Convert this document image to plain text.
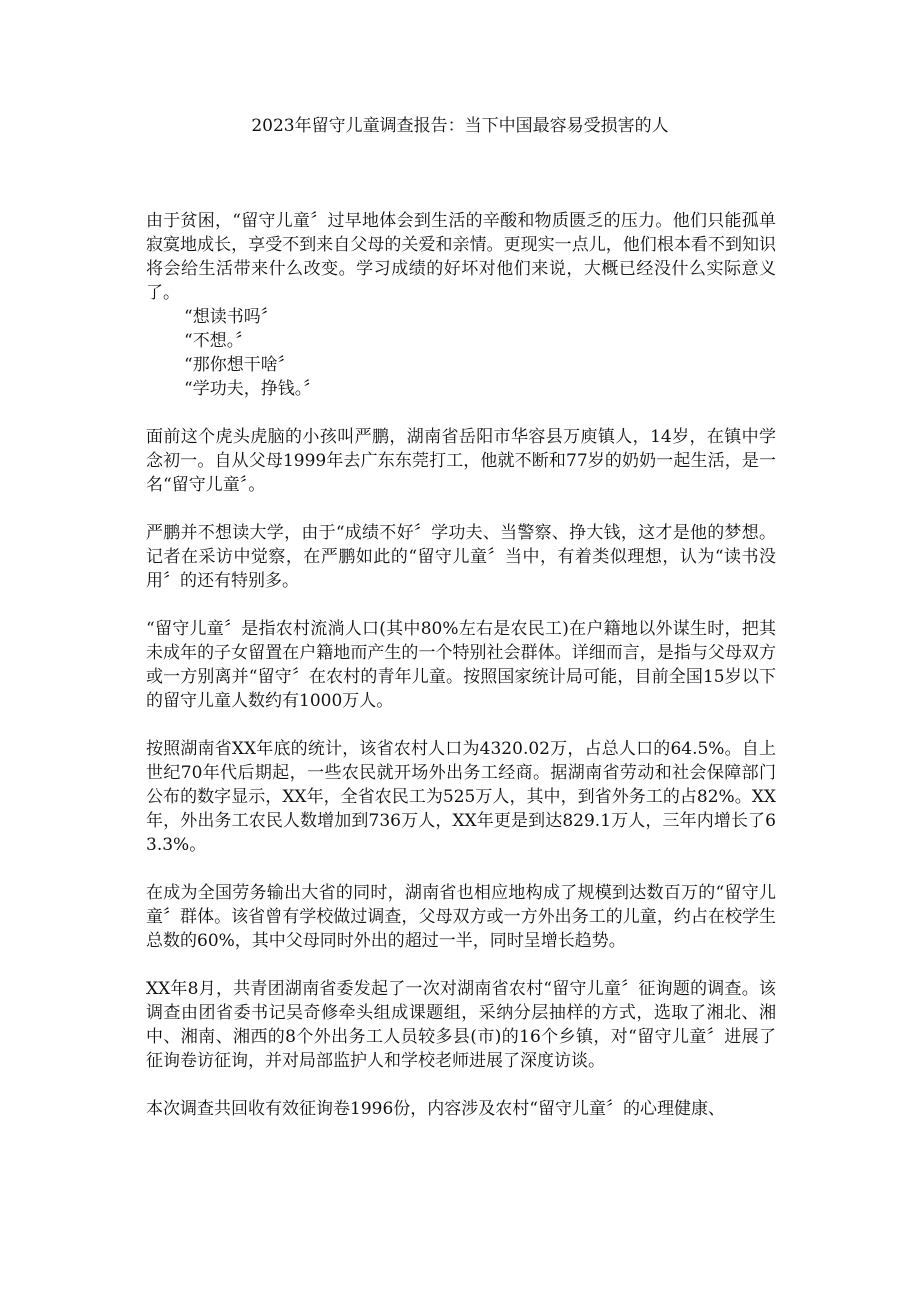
2023年留守儿童调查报告：当下中国最容易受损害的人

由于贫困，“留守儿童〞过早地体会到生活的辛酸和物质匮乏的压力。他们只能孤单寂寞地成长，享受不到来自父母的关爱和亲情。更现实一点儿，他们根本看不到知识将会给生活带来什么改变。学习成绩的好坏对他们来说，大概已经没什么实际意义了。

“想读书吗〞

“不想。〞

“那你想干啥〞

“学功夫，挣钱。〞

面前这个虎头虎脑的小孩叫严鹏，湖南省岳阳市华容县万庾镇人，14岁，在镇中学念初一。自从父母1999年去广东东莞打工，他就不断和77岁的奶奶一起生活，是一名“留守儿童〞。

严鹏并不想读大学，由于“成绩不好〞学功夫、当警察、挣大钱，这才是他的梦想。记者在采访中觉察，在严鹏如此的“留守儿童〞当中，有着类似理想，认为“读书没用〞的还有特别多。

“留守儿童〞是指农村流淌人口(其中80%左右是农民工)在户籍地以外谋生时，把其未成年的子女留置在户籍地而产生的一个特别社会群体。详细而言，是指与父母双方或一方别离并“留守〞在农村的青年儿童。按照国家统计局可能，目前全国15岁以下的留守儿童人数约有1000万人。

按照湖南省XX年底的统计，该省农村人口为4320.02万，占总人口的64.5%。自上世纪70年代后期起，一些农民就开场外出务工经商。据湖南省劳动和社会保障部门公布的数字显示，XX年，全省农民工为525万人，其中，到省外务工的占82%。XX年，外出务工农民人数增加到736万人，XX年更是到达829.1万人，三年内增长了63.3%。

在成为全国劳务输出大省的同时，湖南省也相应地构成了规模到达数百万的“留守儿童〞群体。该省曾有学校做过调查，父母双方或一方外出务工的儿童，约占在校学生总数的60%，其中父母同时外出的超过一半，同时呈增长趋势。

XX年8月，共青团湖南省委发起了一次对湖南省农村“留守儿童〞征询题的调查。该调查由团省委书记吴奇修牵头组成课题组，采纳分层抽样的方式，选取了湘北、湘中、湘南、湘西的8个外出务工人员较多县(市)的16个乡镇，对“留守儿童〞进展了征询卷访征询，并对局部监护人和学校老师进展了深度访谈。

本次调查共回收有效征询卷1996份，内容涉及农村“留守儿童〞的心理健康、
